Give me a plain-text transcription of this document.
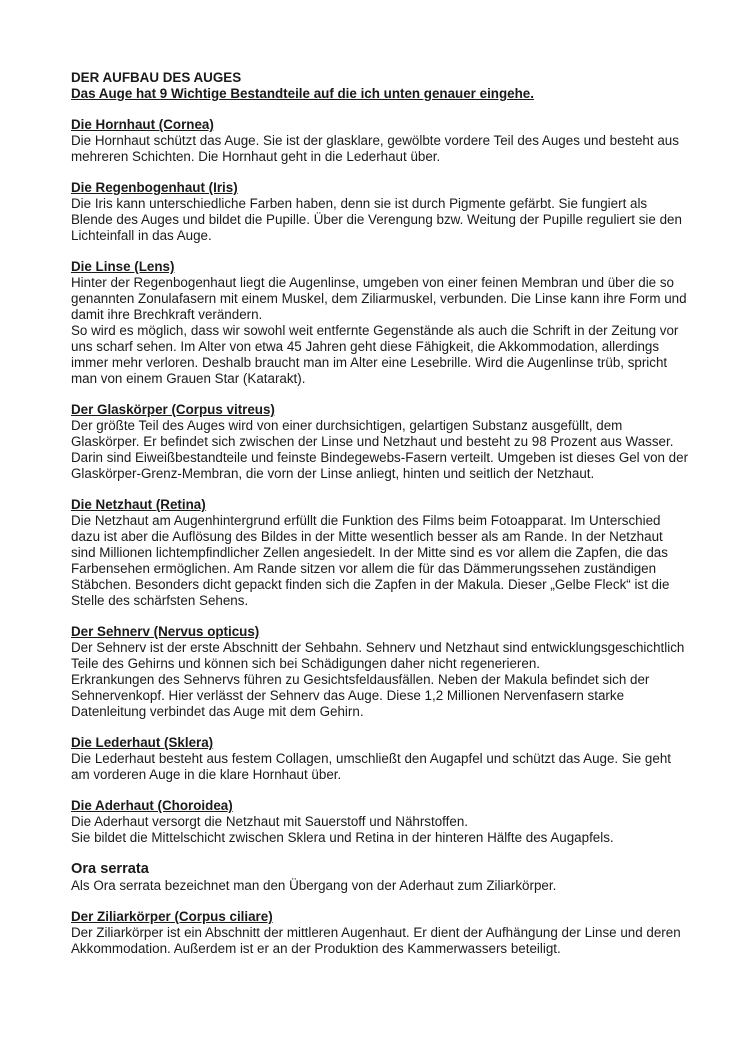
DER AUFBAU DES AUGES
Das Auge hat 9 Wichtige Bestandteile auf die ich unten genauer eingehe.
Die Hornhaut (Cornea)

Die Hornhaut schützt das Auge. Sie ist der glasklare, gewölbte vordere Teil des Auges und besteht aus mehreren Schichten. Die Hornhaut geht in die Lederhaut über.

Die Regenbogenhaut (Iris)

Die Iris kann unterschiedliche Farben haben, denn sie ist durch Pigmente gefärbt. Sie fungiert als Blende des Auges und bildet die Pupille. Über die Verengung bzw. Weitung der Pupille reguliert sie den Lichteinfall in das Auge.

Die Linse (Lens)

Hinter der Regenbogenhaut liegt die Augenlinse, umgeben von einer feinen Membran und über die so genannten Zonulafasern mit einem Muskel, dem Ziliarmuskel, verbunden. Die Linse kann ihre Form und damit ihre Brechkraft verändern.

So wird es möglich, dass wir sowohl weit entfernte Gegenstände als auch die Schrift in der Zeitung vor uns scharf sehen. Im Alter von etwa 45 Jahren geht diese Fähigkeit, die Akkommodation, allerdings immer mehr verloren. Deshalb braucht man im Alter eine Lesebrille. Wird die Augenlinse trüb, spricht man von einem Grauen Star (Katarakt).

Der Glaskörper (Corpus vitreus)

Der größte Teil des Auges wird von einer durchsichtigen, gelartigen Substanz ausgefüllt, dem Glaskörper. Er befindet sich zwischen der Linse und Netzhaut und besteht zu 98 Prozent aus Wasser. Darin sind Eiweißbestandteile und feinste Bindegewebs-Fasern verteilt. Umgeben ist dieses Gel von der Glaskörper-Grenz-Membran, die vorn der Linse anliegt, hinten und seitlich der Netzhaut.

Die Netzhaut (Retina)

Die Netzhaut am Augenhintergrund erfüllt die Funktion des Films beim Fotoapparat. Im Unterschied dazu ist aber die Auflösung des Bildes in der Mitte wesentlich besser als am Rande. In der Netzhaut sind Millionen lichtempfindlicher Zellen angesiedelt. In der Mitte sind es vor allem die Zapfen, die das Farbensehen ermöglichen. Am Rande sitzen vor allem die für das Dämmerungssehen zuständigen Stäbchen. Besonders dicht gepackt finden sich die Zapfen in der Makula. Dieser „Gelbe Fleck“ ist die Stelle des schärfsten Sehens.

Der Sehnerv (Nervus opticus)

Der Sehnerv ist der erste Abschnitt der Sehbahn. Sehnerv und Netzhaut sind entwicklungsgeschichtlich Teile des Gehirns und können sich bei Schädigungen daher nicht regenerieren.

Erkrankungen des Sehnervs führen zu Gesichtsfeldausfällen. Neben der Makula befindet sich der Sehnervenkopf. Hier verlässt der Sehnerv das Auge. Diese 1,2 Millionen Nervenfasern starke Datenleitung verbindet das Auge mit dem Gehirn.

Die Lederhaut (Sklera)

Die Lederhaut besteht aus festem Collagen, umschließt den Augapfel und schützt das Auge. Sie geht am vorderen Auge in die klare Hornhaut über.

Die Aderhaut (Choroidea)

Die Aderhaut versorgt die Netzhaut mit Sauerstoff und Nährstoffen.

Sie bildet die Mittelschicht zwischen Sklera und Retina in der hinteren Hälfte des Augapfels.

Ora serrata

Als Ora serrata bezeichnet man den Übergang von der Aderhaut zum Ziliarkörper.

Der Ziliarkörper (Corpus ciliare)

Der Ziliarkörper ist ein Abschnitt der mittleren Augenhaut. Er dient der Aufhängung der Linse und deren Akkommodation. Außerdem ist er an der Produktion des Kammerwassers beteiligt.
